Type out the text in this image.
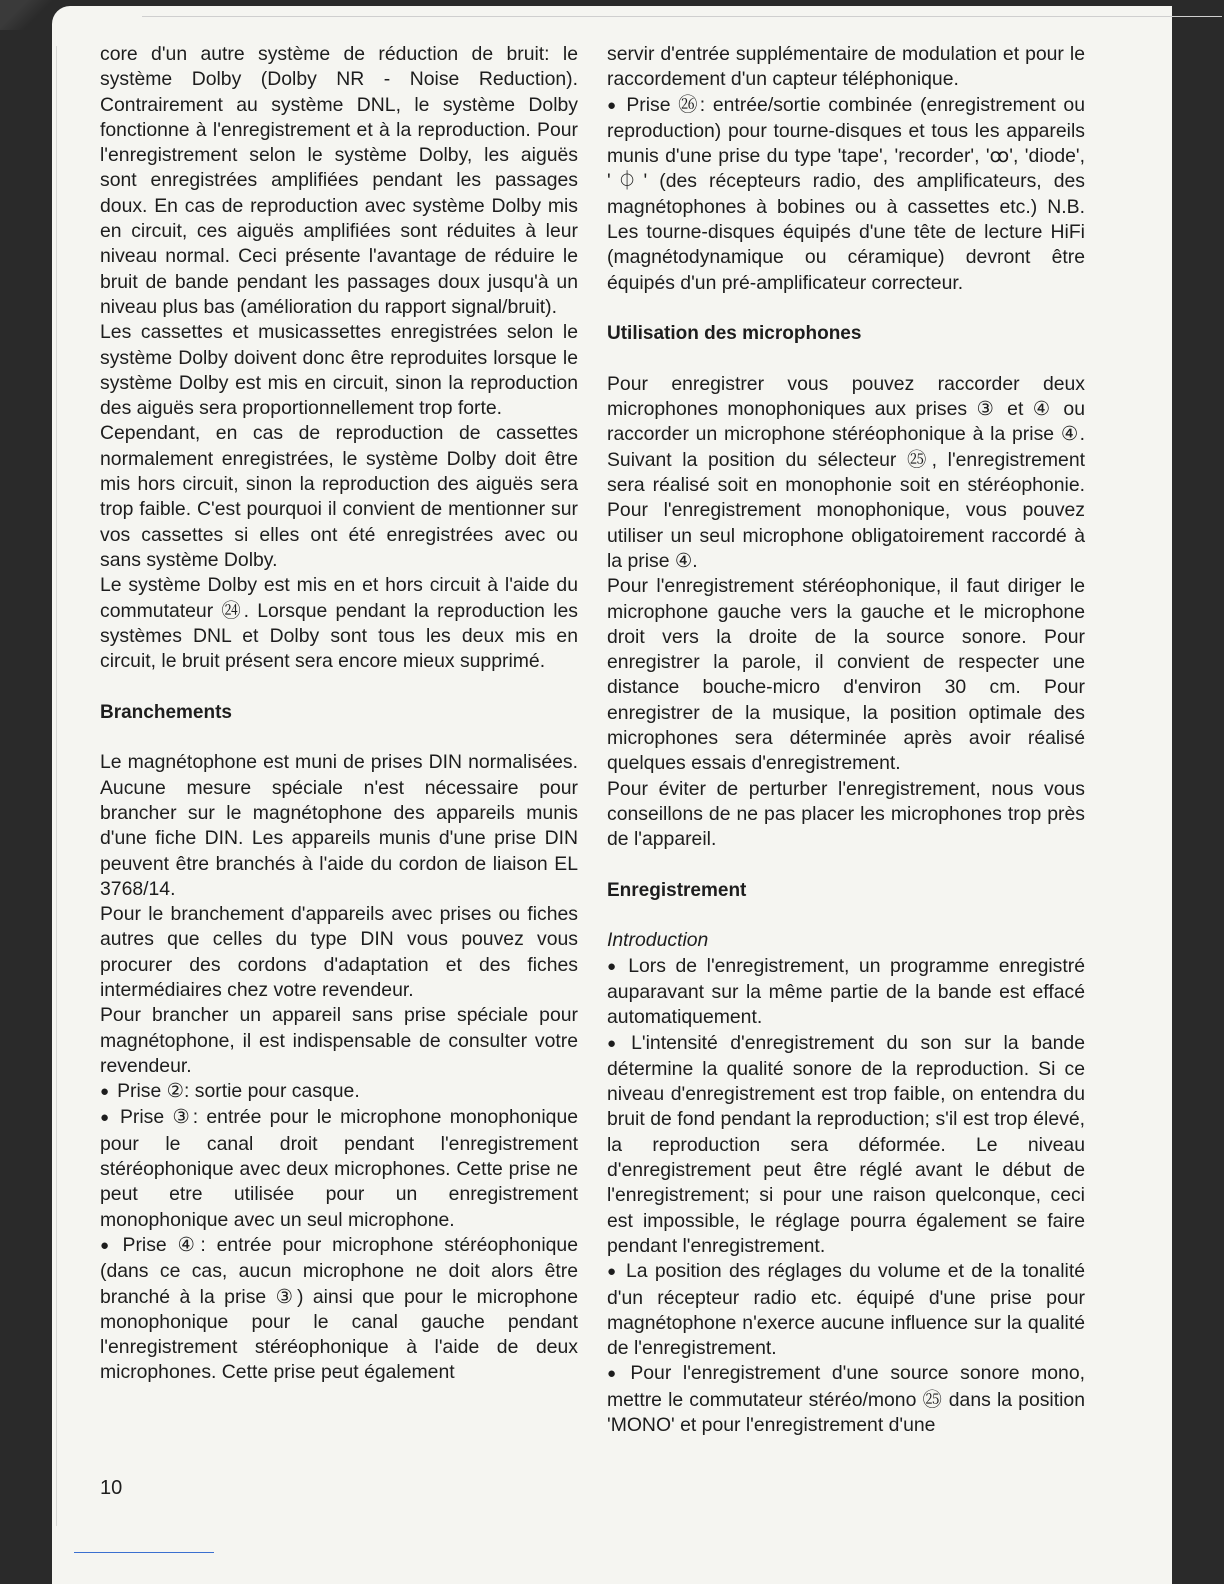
core d'un autre système de réduction de bruit: le système Dolby (Dolby NR - Noise Reduction). Contrairement au système DNL, le système Dolby fonctionne à l'enregistrement et à la reproduction. Pour l'enregistrement selon le système Dolby, les aiguës sont enregistrées amplifiées pendant les passages doux. En cas de reproduction avec système Dolby mis en circuit, ces aiguës amplifiées sont réduites à leur niveau normal. Ceci présente l'avantage de réduire le bruit de bande pendant les passages doux jusqu'à un niveau plus bas (amélioration du rapport signal/bruit).

Les cassettes et musicassettes enregistrées selon le système Dolby doivent donc être reproduites lorsque le système Dolby est mis en circuit, sinon la reproduction des aiguës sera proportionnellement trop forte.

Cependant, en cas de reproduction de cassettes normalement enregistrées, le système Dolby doit être mis hors circuit, sinon la reproduction des aiguës sera trop faible. C'est pourquoi il convient de mentionner sur vos cassettes si elles ont été enregistrées avec ou sans système Dolby.

Le système Dolby est mis en et hors circuit à l'aide du commutateur ㉔. Lorsque pendant la reproduction les systèmes DNL et Dolby sont tous les deux mis en circuit, le bruit présent sera encore mieux supprimé.

Branchements

Le magnétophone est muni de prises DIN normalisées. Aucune mesure spéciale n'est nécessaire pour brancher sur le magnétophone des appareils munis d'une fiche DIN. Les appareils munis d'une prise DIN peuvent être branchés à l'aide du cordon de liaison EL 3768/14.

Pour le branchement d'appareils avec prises ou fiches autres que celles du type DIN vous pouvez vous procurer des cordons d'adaptation et des fiches intermédiaires chez votre revendeur.

Pour brancher un appareil sans prise spéciale pour magnétophone, il est indispensable de consulter votre revendeur.

● Prise ②: sortie pour casque.

● Prise ③: entrée pour le microphone monophonique pour le canal droit pendant l'enregistrement stéréophonique avec deux microphones. Cette prise ne peut etre utilisée pour un enregistrement monophonique avec un seul microphone.

● Prise ④: entrée pour microphone stéréophonique (dans ce cas, aucun microphone ne doit alors être branché à la prise ③) ainsi que pour le microphone monophonique pour le canal gauche pendant l'enregistrement stéréophonique à l'aide de deux microphones. Cette prise peut également

servir d'entrée supplémentaire de modulation et pour le raccordement d'un capteur téléphonique.

● Prise ㉖: entrée/sortie combinée (enregistrement ou reproduction) pour tourne-disques et tous les appareils munis d'une prise du type 'tape', 'recorder', 'ꝏ', 'diode', '⏀' (des récepteurs radio, des amplificateurs, des magnétophones à bobines ou à cassettes etc.) N.B. Les tourne-disques équipés d'une tête de lecture HiFi (magnétodynamique ou céramique) devront être équipés d'un pré-amplificateur correcteur.

Utilisation des microphones

Pour enregistrer vous pouvez raccorder deux microphones monophoniques aux prises ③ et ④ ou raccorder un microphone stéréophonique à la prise ④. Suivant la position du sélecteur ㉕, l'enregistrement sera réalisé soit en monophonie soit en stéréophonie. Pour l'enregistrement monophonique, vous pouvez utiliser un seul microphone obligatoirement raccordé à la prise ④.

Pour l'enregistrement stéréophonique, il faut diriger le microphone gauche vers la gauche et le microphone droit vers la droite de la source sonore. Pour enregistrer la parole, il convient de respecter une distance bouche-micro d'environ 30 cm. Pour enregistrer de la musique, la position optimale des microphones sera déterminée après avoir réalisé quelques essais d'enregistrement.

Pour éviter de perturber l'enregistrement, nous vous conseillons de ne pas placer les microphones trop près de l'appareil.

Enregistrement

Introduction

● Lors de l'enregistrement, un programme enregistré auparavant sur la même partie de la bande est effacé automatiquement.

● L'intensité d'enregistrement du son sur la bande détermine la qualité sonore de la reproduction. Si ce niveau d'enregistrement est trop faible, on entendra du bruit de fond pendant la reproduction; s'il est trop élevé, la reproduction sera déformée. Le niveau d'enregistrement peut être réglé avant le début de l'enregistrement; si pour une raison quelconque, ceci est impossible, le réglage pourra également se faire pendant l'enregistrement.

● La position des réglages du volume et de la tonalité d'un récepteur radio etc. équipé d'une prise pour magnétophone n'exerce aucune influence sur la qualité de l'enregistrement.

● Pour l'enregistrement d'une source sonore mono, mettre le commutateur stéréo/mono ㉕ dans la position 'MONO' et pour l'enregistrement d'une

10
